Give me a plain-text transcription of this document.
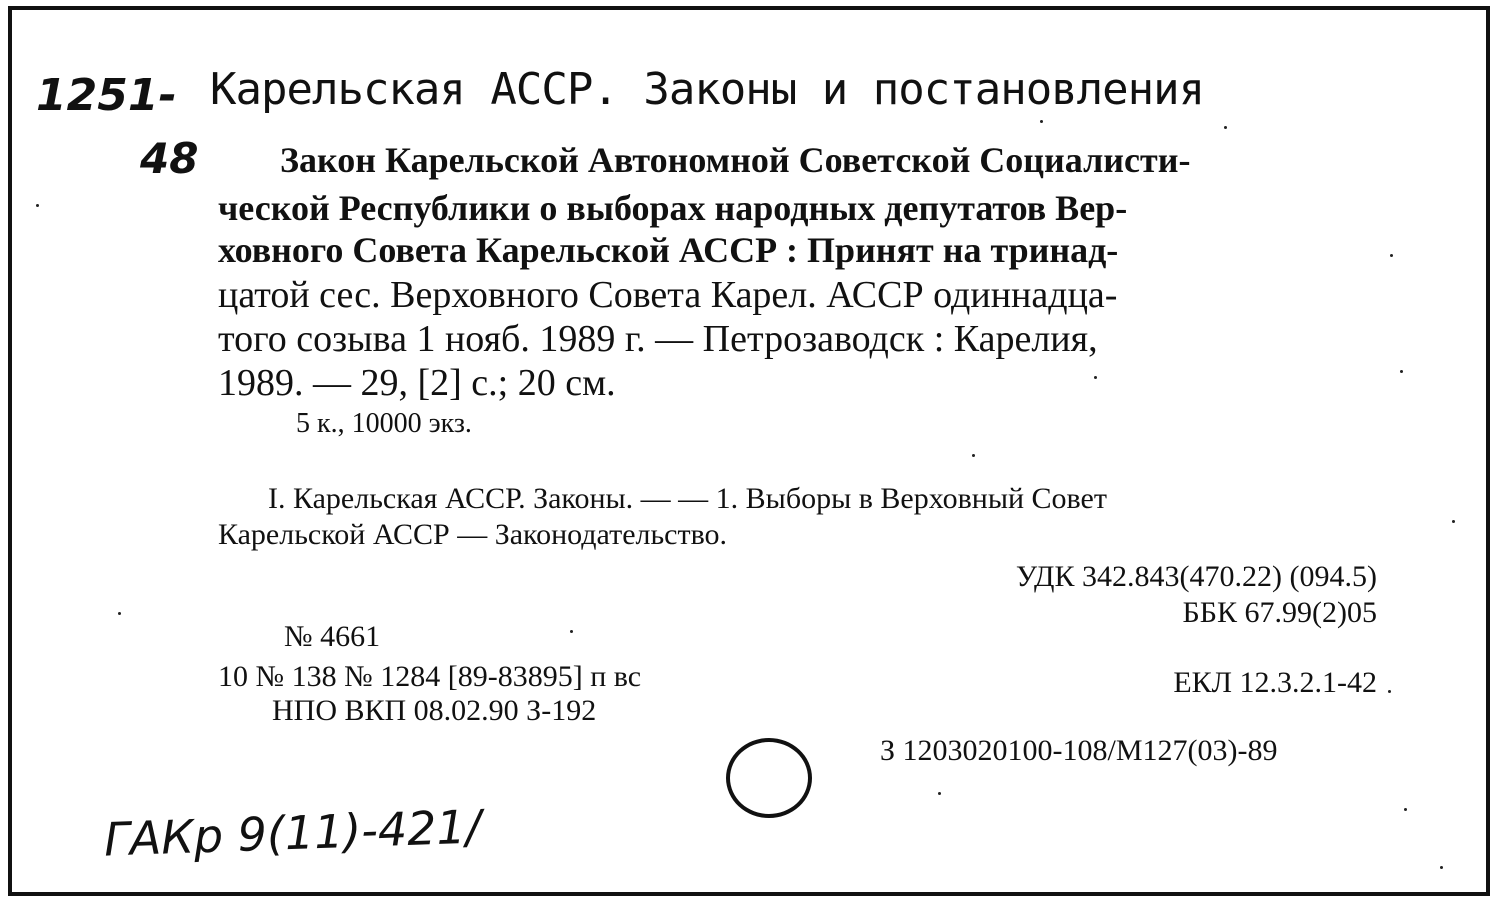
1251-
48
Карельская АССР. Законы и постановления
Закон Карельской Автономной Советской Социалисти-
ческой Республики о выборах народных депутатов Вер-
ховного Совета Карельской АССР : Принят на тринад-
цатой сес. Верховного Совета Карел. АССР одиннадца-
того созыва 1 нояб. 1989 г. — Петрозаводск : Карелия,
1989. — 29, [2] с.; 20 см.
5 к., 10000 экз.
I. Карельская АССР. Законы. — — 1. Выборы в Верховный Совет
Карельской АССР — Законодательство.
УДК 342.843(470.22) (094.5)
ББК 67.99(2)05
№ 4661
10 № 138 № 1284 [89-83895] п вс
НПО ВКП 08.02.90 З-192
ЕКЛ 12.3.2.1-42
З 1203020100-108/М127(03)-89
ГАКр 9(11)-421/
